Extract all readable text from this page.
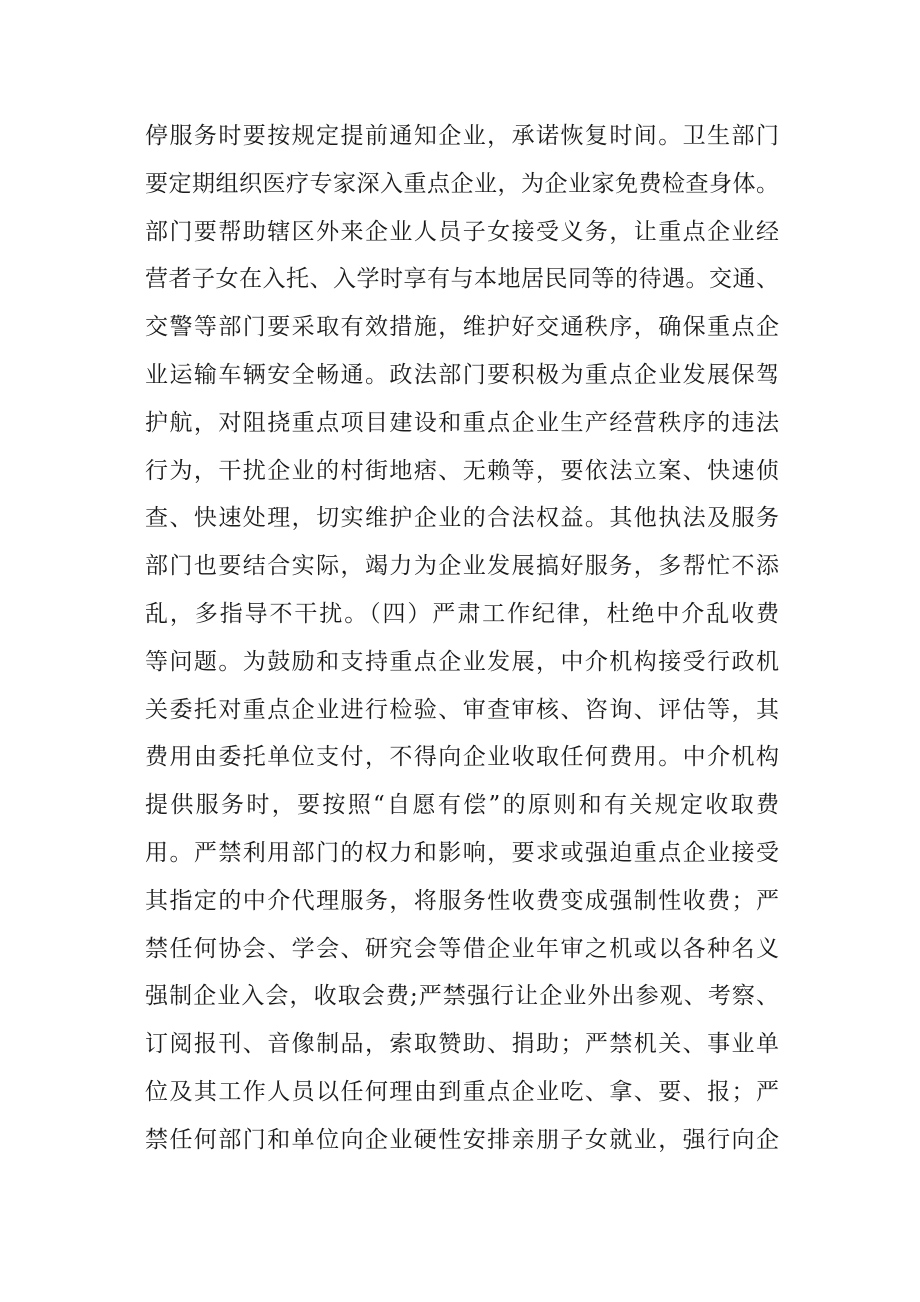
停服务时要按规定提前通知企业，承诺恢复时间。卫生部门
要定期组织医疗专家深入重点企业，为企业家免费检查身体。
部门要帮助辖区外来企业人员子女接受义务，让重点企业经
营者子女在入托、入学时享有与本地居民同等的待遇。交通、
交警等部门要采取有效措施，维护好交通秩序，确保重点企
业运输车辆安全畅通。政法部门要积极为重点企业发展保驾
护航，对阻挠重点项目建设和重点企业生产经营秩序的违法
行为，干扰企业的村街地痞、无赖等，要依法立案、快速侦
查、快速处理，切实维护企业的合法权益。其他执法及服务
部门也要结合实际，竭力为企业发展搞好服务，多帮忙不添
乱，多指导不干扰。（四）严肃工作纪律，杜绝中介乱收费
等问题。为鼓励和支持重点企业发展，中介机构接受行政机
关委托对重点企业进行检验、审查审核、咨询、评估等，其
费用由委托单位支付，不得向企业收取任何费用。中介机构
提供服务时，要按照“自愿有偿”的原则和有关规定收取费
用。严禁利用部门的权力和影响，要求或强迫重点企业接受
其指定的中介代理服务，将服务性收费变成强制性收费；严
禁任何协会、学会、研究会等借企业年审之机或以各种名义
强制企业入会，收取会费;严禁强行让企业外出参观、考察、
订阅报刊、音像制品，索取赞助、捐助；严禁机关、事业单
位及其工作人员以任何理由到重点企业吃、拿、要、报；严
禁任何部门和单位向企业硬性安排亲朋子女就业，强行向企
